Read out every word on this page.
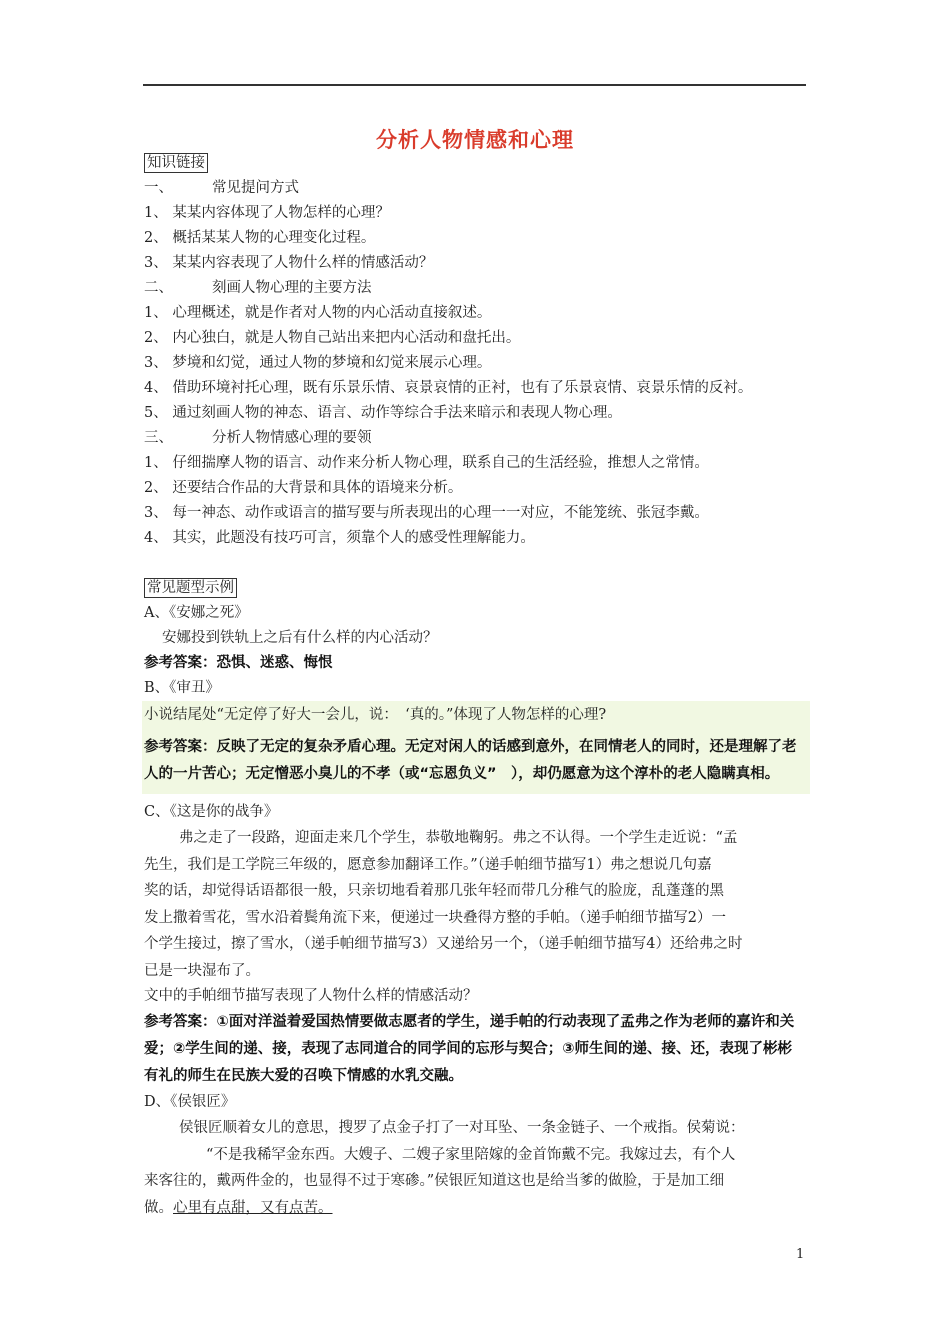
分析人物情感和心理
知识链接
一、	常见提问方式
1、 某某内容体现了人物怎样的心理？
2、 概括某某人物的心理变化过程。
3、 某某内容表现了人物什么样的情感活动？
二、	刻画人物心理的主要方法
1、 心理概述，就是作者对人物的内心活动直接叙述。
2、 内心独白，就是人物自己站出来把内心活动和盘托出。
3、 梦境和幻觉，通过人物的梦境和幻觉来展示心理。
4、 借助环境衬托心理，既有乐景乐情、哀景哀情的正衬，也有了乐景哀情、哀景乐情的反衬。
5、 通过刻画人物的神态、语言、动作等综合手法来暗示和表现人物心理。
三、	分析人物情感心理的要领
1、 仔细揣摩人物的语言、动作来分析人物心理，联系自己的生活经验，推想人之常情。
2、 还要结合作品的大背景和具体的语境来分析。
3、 每一神态、动作或语言的描写要与所表现出的心理一一对应，不能笼统、张冠李戴。
4、 其实，此题没有技巧可言，须靠个人的感受性理解能力。
常见题型示例
A、《安娜之死》
安娜投到铁轨上之后有什么样的内心活动？
参考答案：恐惧、迷惑、悔恨
B、《审丑》
小说结尾处“无定停了好大一会儿，说：　‘真的。”体现了人物怎样的心理?
参考答案：反映了无定的复杂矛盾心理。无定对闲人的话感到意外，在同情老人的同时，还是理解了老人的一片苦心；无定憎恶小臭儿的不孝（或“忘恩负义”　），却仍愿意为这个淳朴的老人隐瞒真相。
C、《这是你的战争》
弗之走了一段路，迎面走来几个学生，恭敬地鞠躬。弗之不认得。一个学生走近说：“孟
先生，我们是工学院三年级的，愿意参加翻译工作。”（递手帕细节描写1）弗之想说几句嘉
奖的话，却觉得话语都很一般，只亲切地看着那几张年轻而带几分稚气的脸庞，乱蓬蓬的黑
发上撒着雪花，雪水沿着鬓角流下来，便递过一块叠得方整的手帕。（递手帕细节描写2）一
个学生接过，擦了雪水，（递手帕细节描写3）又递给另一个，（递手帕细节描写4）还给弗之时
已是一块湿布了。
文中的手帕细节描写表现了人物什么样的情感活动？
参考答案：①面对洋溢着爱国热情要做志愿者的学生，递手帕的行动表现了孟弗之作为老师的嘉许和关爱；②学生间的递、接，表现了志同道合的同学间的忘形与契合；③师生间的递、接、还，表现了彬彬有礼的师生在民族大爱的召唤下情感的水乳交融。
D、《侯银匠》
侯银匠顺着女儿的意思，搜罗了点金子打了一对耳坠、一条金链子、一个戒指。侯菊说：
“不是我稀罕金东西。大嫂子、二嫂子家里陪嫁的金首饰戴不完。我嫁过去，有个人
来客往的，戴两件金的，也显得不过于寒碜。”侯银匠知道这也是给当爹的做脸，于是加工细
做。心里有点甜，又有点苦。
1
